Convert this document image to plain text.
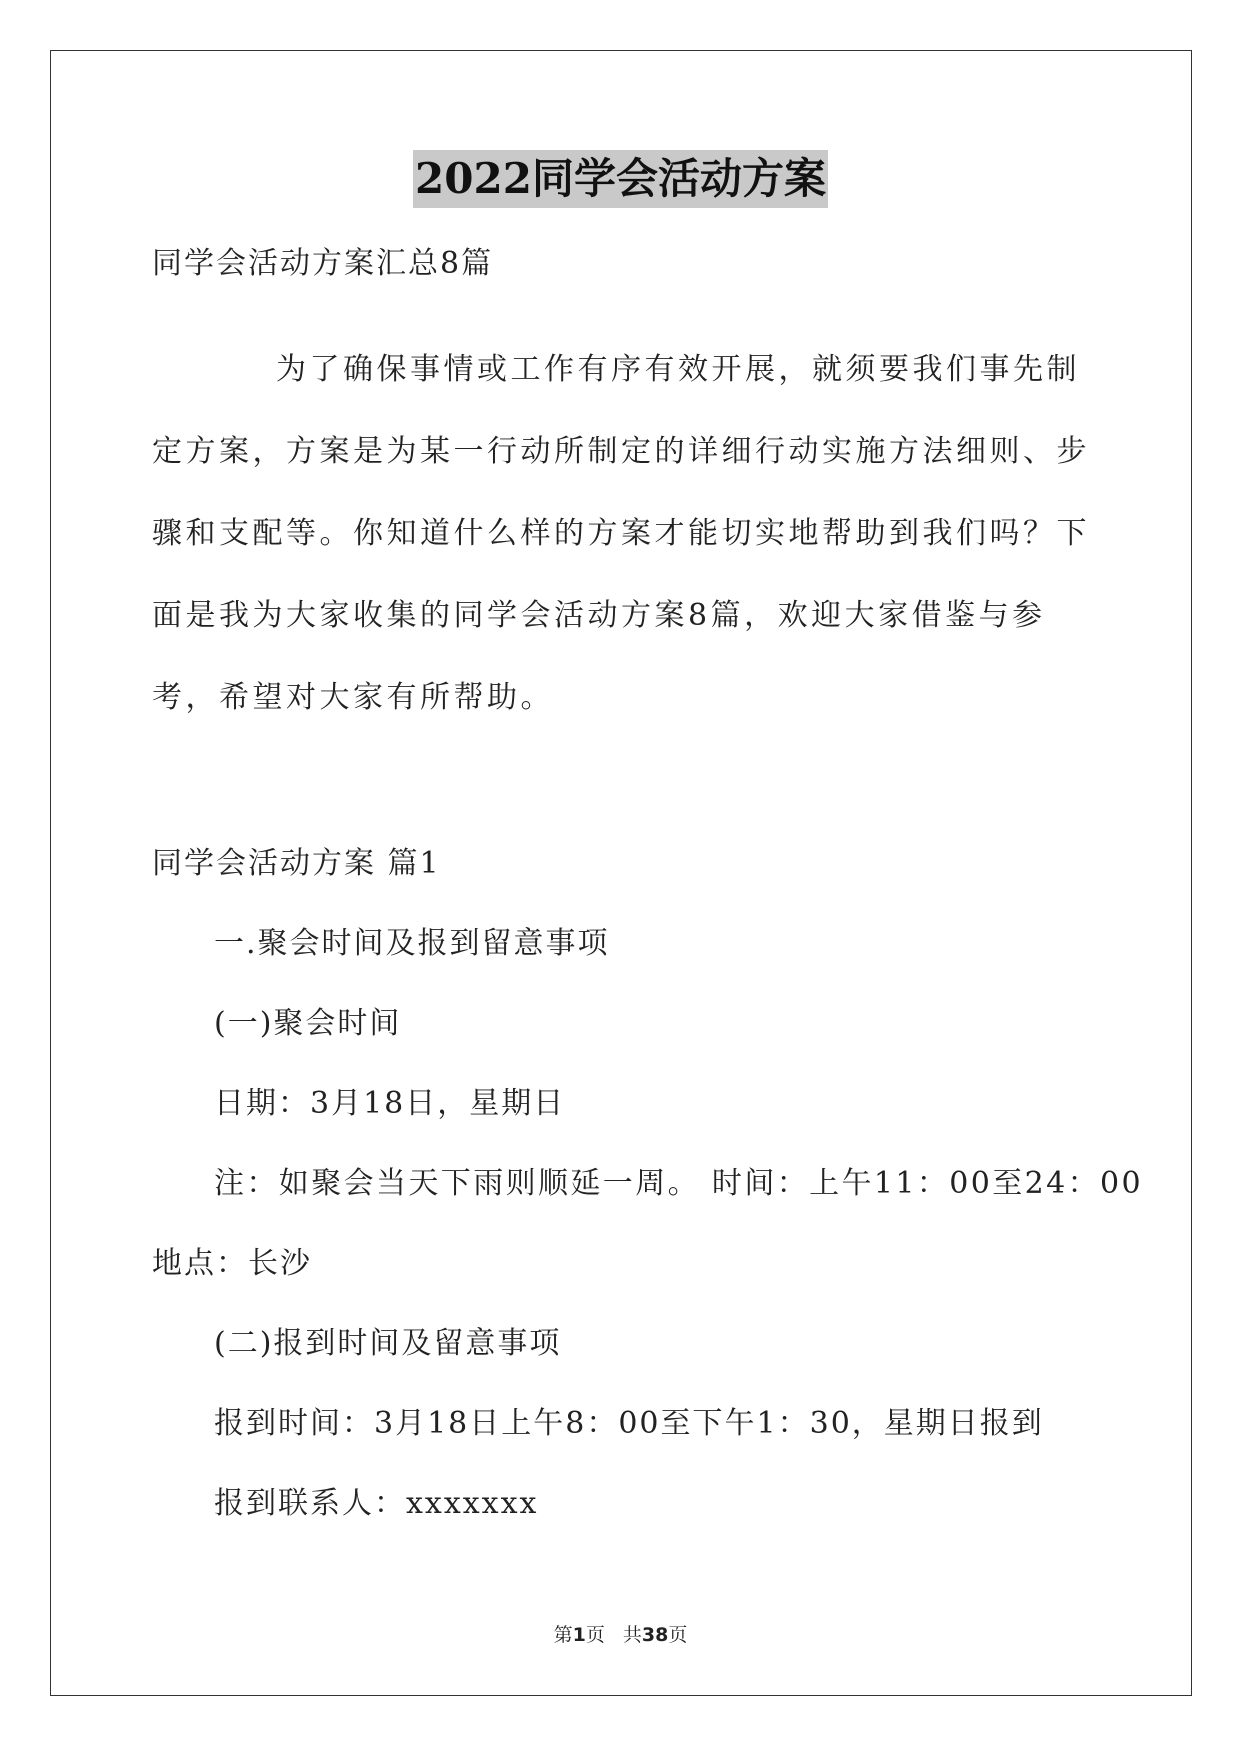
2022同学会活动方案
同学会活动方案汇总8篇
为了确保事情或工作有序有效开展，就须要我们事先制定方案，方案是为某一行动所制定的详细行动实施方法细则、步骤和支配等。你知道什么样的方案才能切实地帮助到我们吗？下面是我为大家收集的同学会活动方案8篇，欢迎大家借鉴与参考，希望对大家有所帮助。
同学会活动方案 篇1
一.聚会时间及报到留意事项
(一)聚会时间
日期：3月18日，星期日
注：如聚会当天下雨则顺延一周。 时间：上午11：00至24：00
地点：长沙
(二)报到时间及留意事项
报到时间：3月18日上午8：00至下午1：30，星期日报到
报到联系人：xxxxxxx
第1页 共38页
